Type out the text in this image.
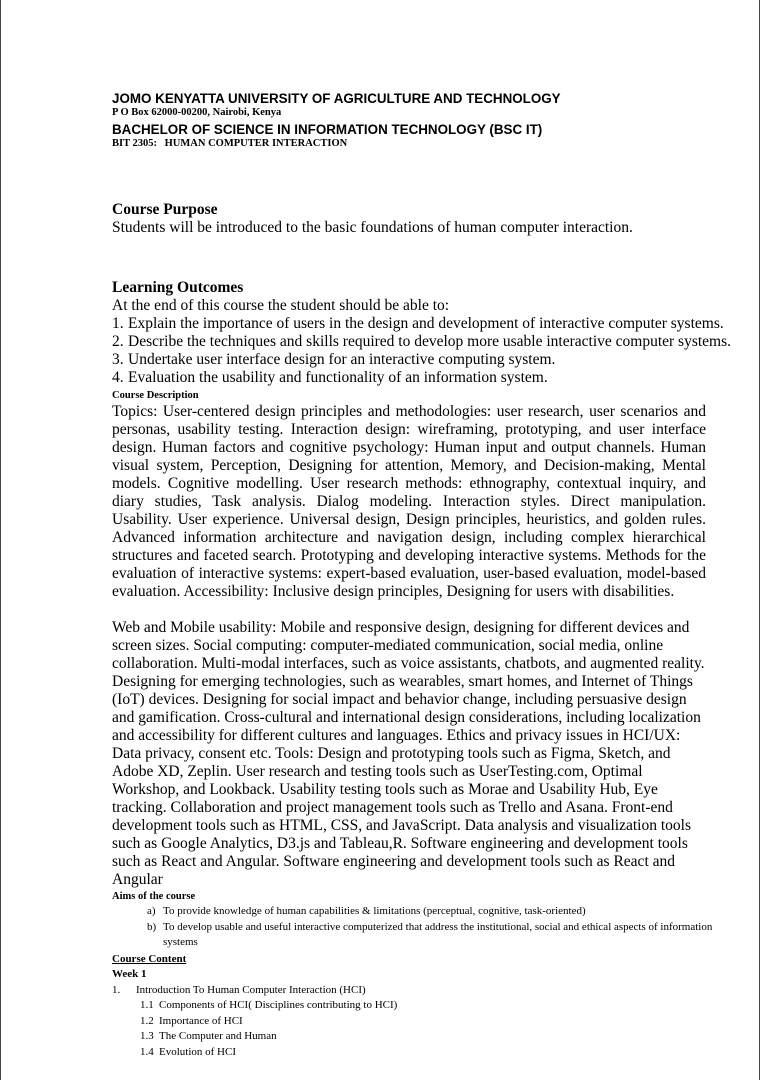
JOMO KENYATTA UNIVERSITY OF AGRICULTURE AND TECHNOLOGY
P O Box 62000-00200, Nairobi, Kenya
BACHELOR OF SCIENCE IN INFORMATION TECHNOLOGY (BSC IT)
BIT 2305: HUMAN COMPUTER INTERACTION
Course Purpose
Students will be introduced to the basic foundations of human computer interaction.
Learning Outcomes
At the end of this course the student should be able to:
1. Explain the importance of users in the design and development of interactive computer systems.
2. Describe the techniques and skills required to develop more usable interactive computer systems.
3. Undertake user interface design for an interactive computing system.
4. Evaluation the usability and functionality of an information system.
Course Description
Topics: User-centered design principles and methodologies: user research, user scenarios and personas, usability testing. Interaction design: wireframing, prototyping, and user interface design. Human factors and cognitive psychology: Human input and output channels. Human visual system, Perception, Designing for attention, Memory, and Decision-making, Mental models. Cognitive modelling. User research methods: ethnography, contextual inquiry, and diary studies, Task analysis. Dialog modeling. Interaction styles. Direct manipulation. Usability. User experience. Universal design, Design principles, heuristics, and golden rules. Advanced information architecture and navigation design, including complex hierarchical structures and faceted search. Prototyping and developing interactive systems. Methods for the evaluation of interactive systems: expert-based evaluation, user-based evaluation, model-based evaluation. Accessibility: Inclusive design principles, Designing for users with disabilities.
Web and Mobile usability: Mobile and responsive design, designing for different devices and screen sizes. Social computing: computer-mediated communication, social media, online collaboration. Multi-modal interfaces, such as voice assistants, chatbots, and augmented reality. Designing for emerging technologies, such as wearables, smart homes, and Internet of Things (IoT) devices. Designing for social impact and behavior change, including persuasive design and gamification. Cross-cultural and international design considerations, including localization and accessibility for different cultures and languages. Ethics and privacy issues in HCI/UX: Data privacy, consent etc. Tools: Design and prototyping tools such as Figma, Sketch, and Adobe XD, Zeplin. User research and testing tools such as UserTesting.com, Optimal Workshop, and Lookback. Usability testing tools such as Morae and Usability Hub, Eye tracking. Collaboration and project management tools such as Trello and Asana. Front-end development tools such as HTML, CSS, and JavaScript. Data analysis and visualization tools such as Google Analytics, D3.js and Tableau,R. Software engineering and development tools such as React and Angular. Software engineering and development tools such as React and Angular
Aims of the course
a) To provide knowledge of human capabilities & limitations (perceptual, cognitive, task-oriented)
b) To develop usable and useful interactive computerized that address the institutional, social and ethical aspects of information systems
Course Content
Week 1
1.	Introduction To Human Computer Interaction (HCI)
1.1 Components of HCI( Disciplines contributing to HCI)
1.2 Importance of HCI
1.3 The Computer and Human
1.4 Evolution of HCI
